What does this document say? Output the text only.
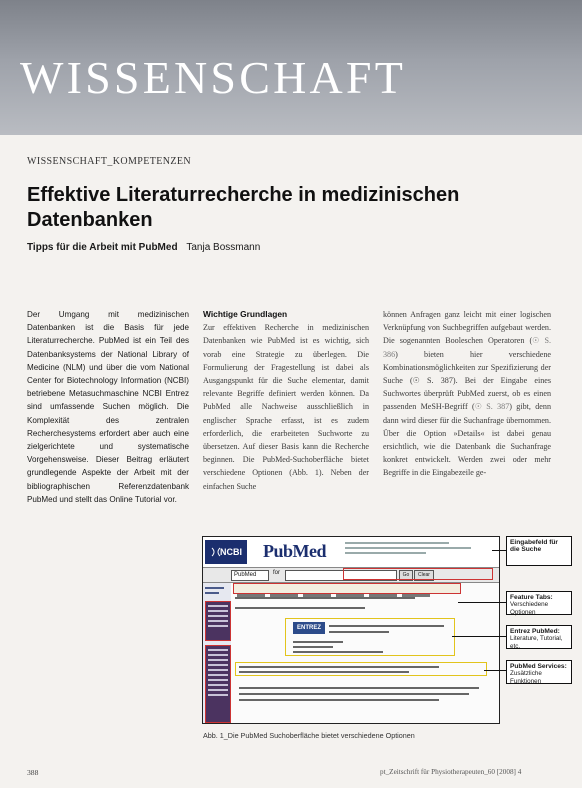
WISSENSCHAFT
WISSENSCHAFT_KOMPETENZEN
Effektive Literaturrecherche in medizinischen Datenbanken
Tipps für die Arbeit mit PubMed Tanja Bossmann

Der Umgang mit medizinischen Datenbanken ist die Basis für jede Literaturrecherche. PubMed ist ein Teil des Datenbanksystems der National Library of Medicine (NLM) und über die vom National Center for Biotechnology Information (NCBI) betriebene Metasuchmaschine NCBI Entrez sind umfassende Suchen möglich. Die Komplexität des zentralen Recherchesystems erfordert aber auch eine zielgerichtete und systematische Vorgehensweise. Dieser Beitrag erläutert grundlegende Aspekte der Arbeit mit der bibliographischen Referenzdatenbank PubMed und stellt das Online Tutorial vor.

Wichtige Grundlagen

Zur effektiven Recherche in medizinischen Datenbanken wie PubMed ist es wichtig, sich vorab eine Strategie zu überlegen. Die Formulierung der Fragestellung ist dabei als Ausgangspunkt für die Suche elementar, damit relevante Begriffe definiert werden können. Da PubMed alle Nachweise ausschließlich in englischer Sprache erfasst, ist es zudem erforderlich, die erarbeiteten Suchworte zu übersetzen. Auf dieser Basis kann die Recherche beginnen. Die PubMed-Suchoberfläche bietet verschiedene Optionen (Abb. 1). Neben der einfachen Suche

können Anfragen ganz leicht mit einer logischen Verknüpfung von Suchbegriffen aufgebaut werden. Die sogenannten Booleschen Operatoren (☉ S. 386) bieten hier verschiedene Kombinationsmöglichkeiten zur Spezifizierung der Suche (☉ S. 387). Bei der Eingabe eines Suchwortes überprüft PubMed zuerst, ob es einen passenden MeSH-Begriff (☉ S. 387) gibt, denn dann wird dieser für die Suchanfrage übernommen. Über die Option »Details« ist dabei genau ersichtlich, wie die Datenbank die Suchanfrage konkret entwickelt. Werden zwei oder mehr Begriffe in die Eingabezeile ge-

NCBI PubMed
PubMed	for	Go	Clear
ENTREZ
Eingabefeld für die Suche
Feature Tabs:
Verschiedene Optionen
Entrez PubMed:
Literature, Tutorial, etc.
PubMed Services:
Zusätzliche Funktionen
Abb. 1_Die PubMed Suchoberfläche bietet verschiedene Optionen
388	pt_Zeitschrift für Physiotherapeuten_60 [2008] 4
